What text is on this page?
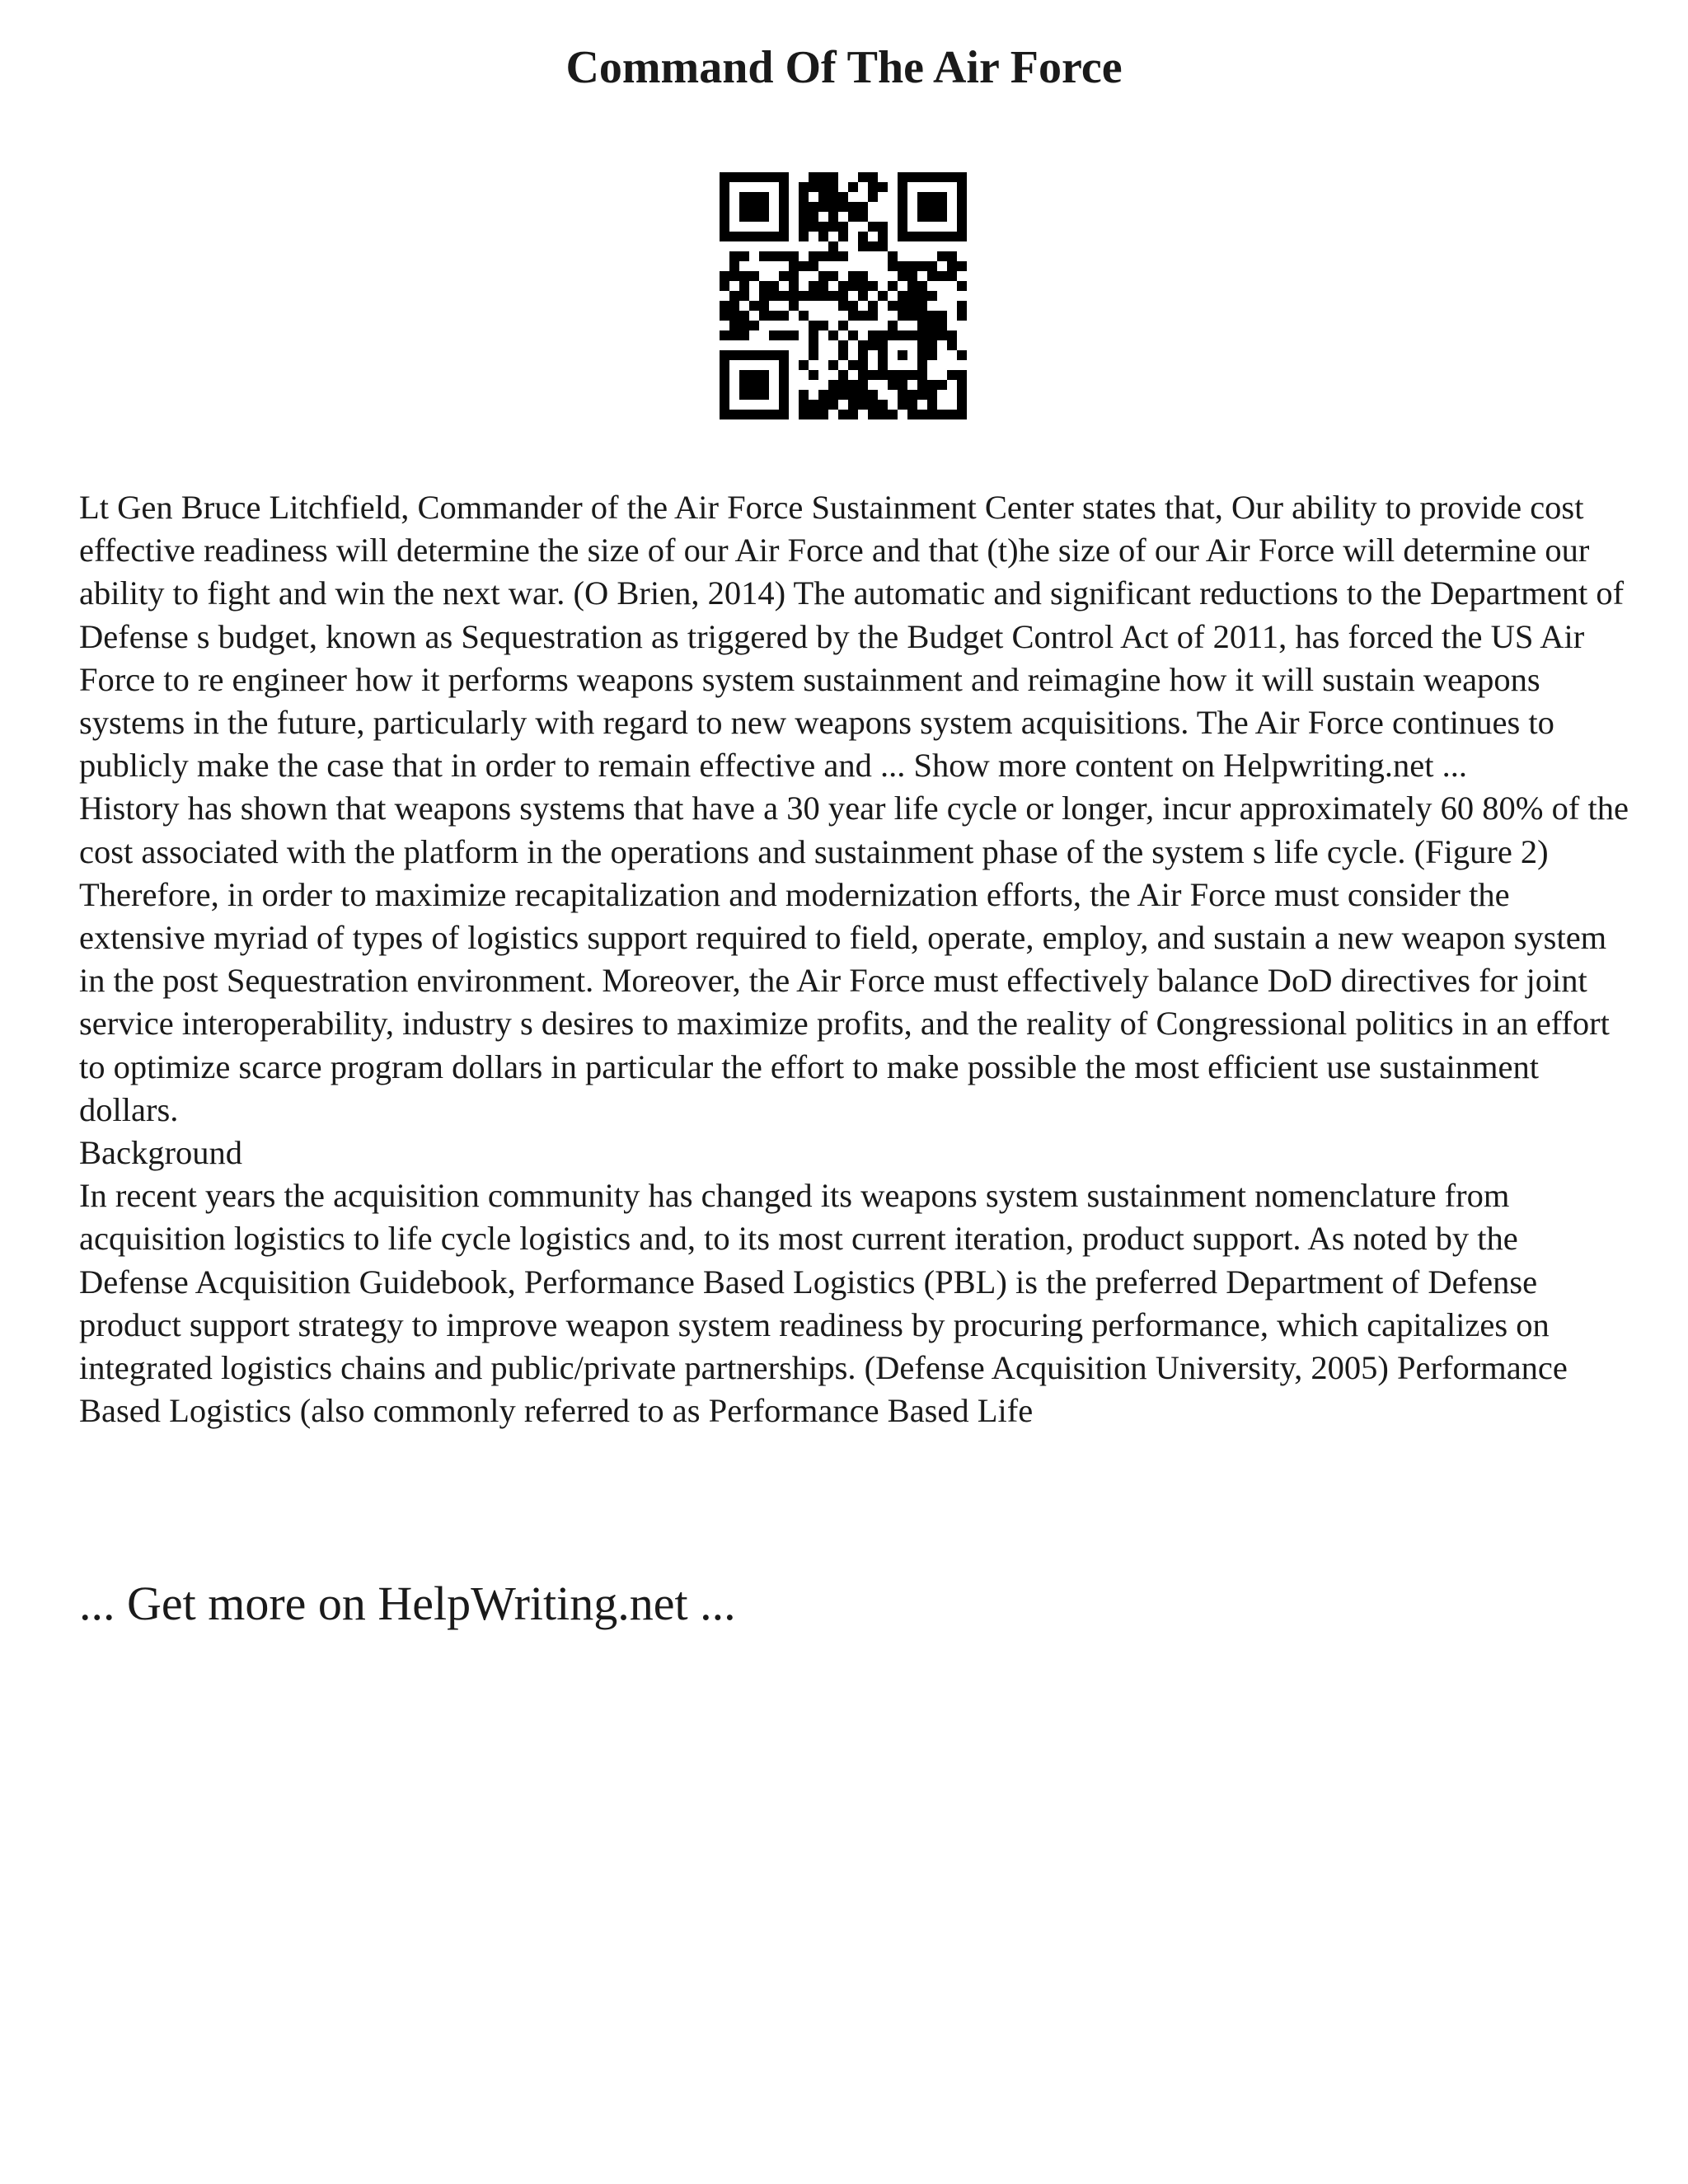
Command Of The Air Force

Lt Gen Bruce Litchfield, Commander of the Air Force Sustainment Center states that, Our ability to provide cost effective readiness will determine the size of our Air Force and that (t)he size of our Air Force will determine our ability to fight and win the next war. (O Brien, 2014) The automatic and significant reductions to the Department of Defense s budget, known as Sequestration as triggered by the Budget Control Act of 2011, has forced the US Air Force to re engineer how it performs weapons system sustainment and reimagine how it will sustain weapons systems in the future, particularly with regard to new weapons system acquisitions. The Air Force continues to publicly make the case that in order to remain effective and ... Show more content on Helpwriting.net ...

History has shown that weapons systems that have a 30 year life cycle or longer, incur approximately 60 80% of the cost associated with the platform in the operations and sustainment phase of the system s life cycle. (Figure 2) Therefore, in order to maximize recapitalization and modernization efforts, the Air Force must consider the extensive myriad of types of logistics support required to field, operate, employ, and sustain a new weapon system in the post Sequestration environment. Moreover, the Air Force must effectively balance DoD directives for joint service interoperability, industry s desires to maximize profits, and the reality of Congressional politics in an effort to optimize scarce program dollars in particular the effort to make possible the most efficient use sustainment dollars.

Background

In recent years the acquisition community has changed its weapons system sustainment nomenclature from acquisition logistics to life cycle logistics and, to its most current iteration, product support. As noted by the Defense Acquisition Guidebook, Performance Based Logistics (PBL) is the preferred Department of Defense product support strategy to improve weapon system readiness by procuring performance, which capitalizes on integrated logistics chains and public/private partnerships. (Defense Acquisition University, 2005) Performance Based Logistics (also commonly referred to as Performance Based Life

... Get more on HelpWriting.net ...
